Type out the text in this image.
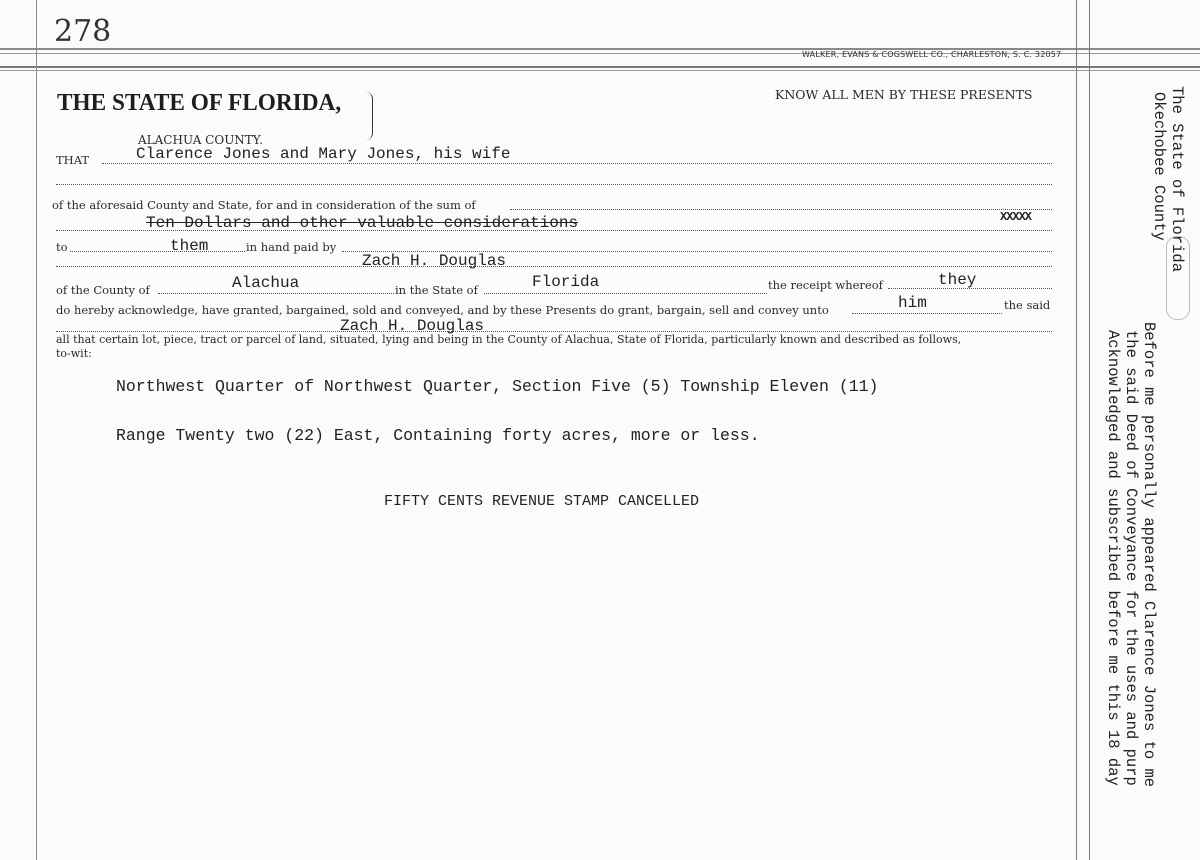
278
WALKER, EVANS & COGSWELL CO., CHARLESTON, S. C. 32057
THE STATE OF FLORIDA,
ALACHUA COUNTY.
KNOW ALL MEN BY THESE PRESENTS
THAT	Clarence Jones and Mary Jones, his wife
of the aforesaid County and State, for and in consideration of the sum of
Ten Dollars and other valuable considerations	XXXXX
to	them	in hand paid by
Zach H. Douglas
of the County of	Alachua	in the State of	Florida	the receipt whereof	they
do hereby acknowledge, have granted, bargained, sold and conveyed, and by these Presents do grant, bargain, sell and convey unto	him	the said
Zach H. Douglas
all that certain lot, piece, tract or parcel of land, situated, lying and being in the County of Alachua, State of Florida, particularly known and described as follows,
to-wit:
Northwest Quarter of Northwest Quarter, Section Five (5) Township Eleven (11)
Range Twenty two (22) East, Containing forty acres, more or less.
FIFTY CENTS REVENUE STAMP CANCELLED
The State of Florida
Okechobee County
Before me personally appeared Clarence Jones to me
the said Deed of Conveyance for the uses and purp
Acknowledged and subscribed before me this 18 day
